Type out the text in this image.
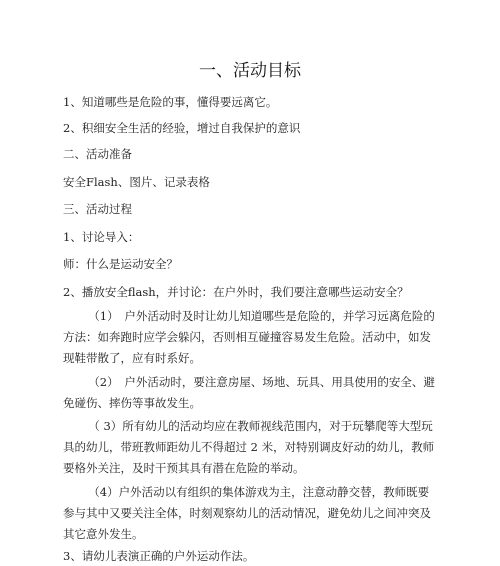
一、活动目标
1、知道哪些是危险的事，懂得要远离它。
2、积细安全生活的经验，增过自我保护的意识
二、活动准备
安全Flash、图片、记录表格
三、活动过程
1、讨论导入：
师：什么是运动安全？
2、播放安全flash，并讨论：在户外时，我们要注意哪些运动安全？

（1）　户外活动时及时让幼儿知道哪些是危险的，并学习远离危险的方法：如奔跑时应学会躲闪，否则相互碰撞容易发生危险。活动中，如发现鞋带散了，应有时系好。

（2）　户外活动时，要注意房屋、场地、玩具、用具使用的安全、避免碰伤、摔伤等事故发生。

（ 3）所有幼儿的活动均应在教师视线范围内，对于玩攀爬等大型玩具的幼儿，带班教师距幼儿不得超过 2 米，对特别调皮好动的幼儿，教师要格外关注，及时干预其具有潜在危险的举动。

（4）户外活动以有组织的集体游戏为主，注意动静交替，教师既要参与其中又要关注全体，时刻观察幼儿的活动情况，避免幼儿之间冲突及其它意外发生。

3、请幼儿表演正确的户外运动作法。
